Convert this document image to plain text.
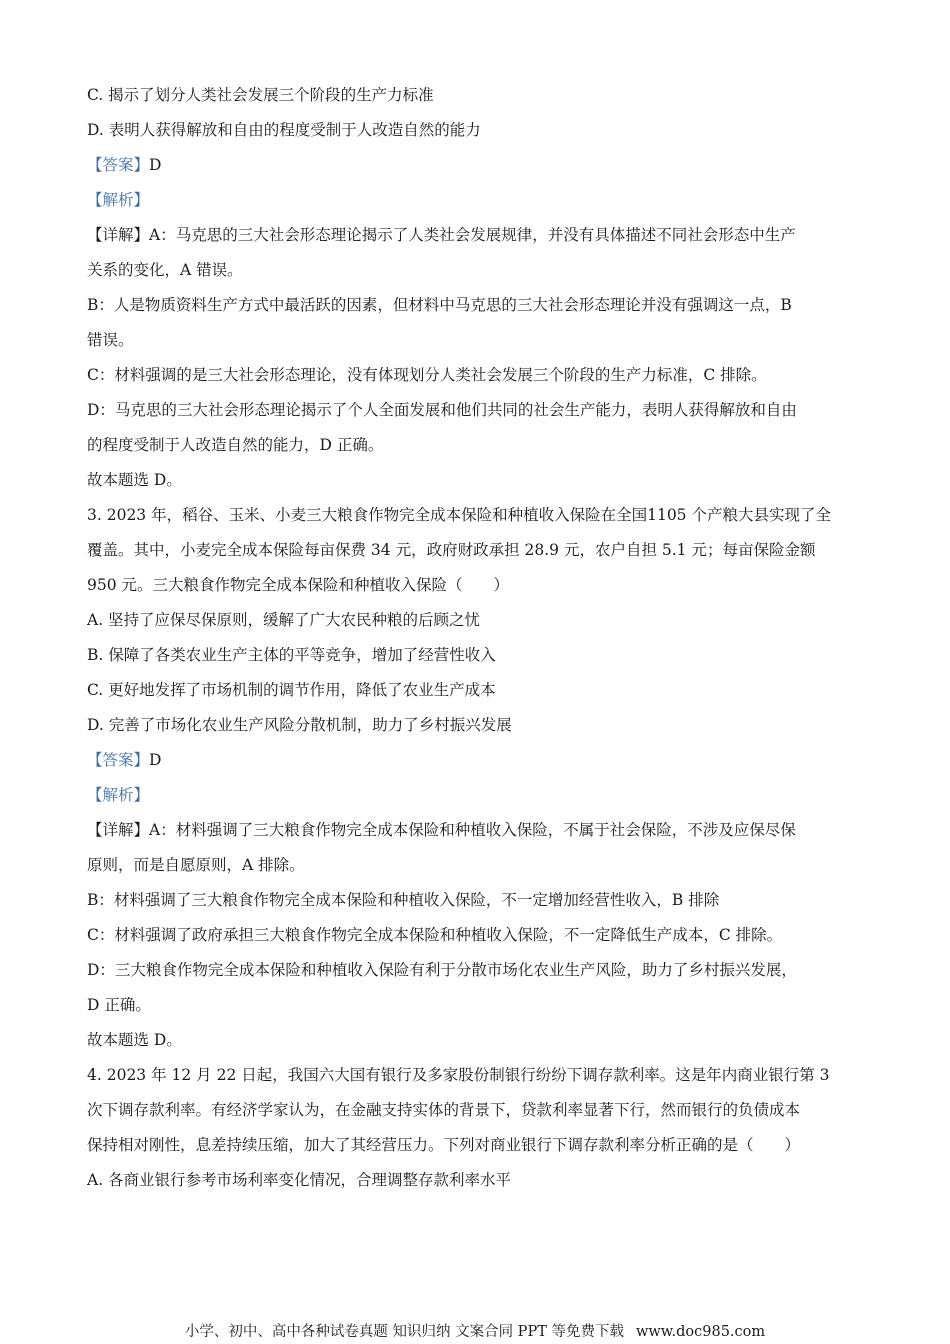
C. 揭示了划分人类社会发展三个阶段的生产力标准
D. 表明人获得解放和自由的程度受制于人改造自然的能力
【答案】D
【解析】
【详解】A：马克思的三大社会形态理论揭示了人类社会发展规律，并没有具体描述不同社会形态中生产
关系的变化，A 错误。
B：人是物质资料生产方式中最活跃的因素，但材料中马克思的三大社会形态理论并没有强调这一点，B
错误。
C：材料强调的是三大社会形态理论，没有体现划分人类社会发展三个阶段的生产力标准，C 排除。
D：马克思的三大社会形态理论揭示了个人全面发展和他们共同的社会生产能力，表明人获得解放和自由
的程度受制于人改造自然的能力，D 正确。
故本题选 D。
3. 2023 年，稻谷、玉米、小麦三大粮食作物完全成本保险和种植收入保险在全国1105 个产粮大县实现了全
覆盖。其中，小麦完全成本保险每亩保费 34 元，政府财政承担 28.9 元，农户自担 5.1 元；每亩保险金额
950 元。三大粮食作物完全成本保险和种植收入保险（　　）
A. 坚持了应保尽保原则，缓解了广大农民种粮的后顾之忧
B. 保障了各类农业生产主体的平等竞争，增加了经营性收入
C. 更好地发挥了市场机制的调节作用，降低了农业生产成本
D. 完善了市场化农业生产风险分散机制，助力了乡村振兴发展
【答案】D
【解析】
【详解】A：材料强调了三大粮食作物完全成本保险和种植收入保险，不属于社会保险，不涉及应保尽保
原则，而是自愿原则，A 排除。
B：材料强调了三大粮食作物完全成本保险和种植收入保险，不一定增加经营性收入，B 排除
C：材料强调了政府承担三大粮食作物完全成本保险和种植收入保险，不一定降低生产成本，C 排除。
D：三大粮食作物完全成本保险和种植收入保险有利于分散市场化农业生产风险，助力了乡村振兴发展，
D 正确。
故本题选 D。
4. 2023 年 12 月 22 日起，我国六大国有银行及多家股份制银行纷纷下调存款利率。这是年内商业银行第 3
次下调存款利率。有经济学家认为，在金融支持实体的背景下，贷款利率显著下行，然而银行的负债成本
保持相对刚性，息差持续压缩，加大了其经营压力。下列对商业银行下调存款利率分析正确的是（　　）
A. 各商业银行参考市场利率变化情况，合理调整存款利率水平
小学、初中、高中各种试卷真题 知识归纳 文案合同 PPT 等免费下载 www.doc985.com
